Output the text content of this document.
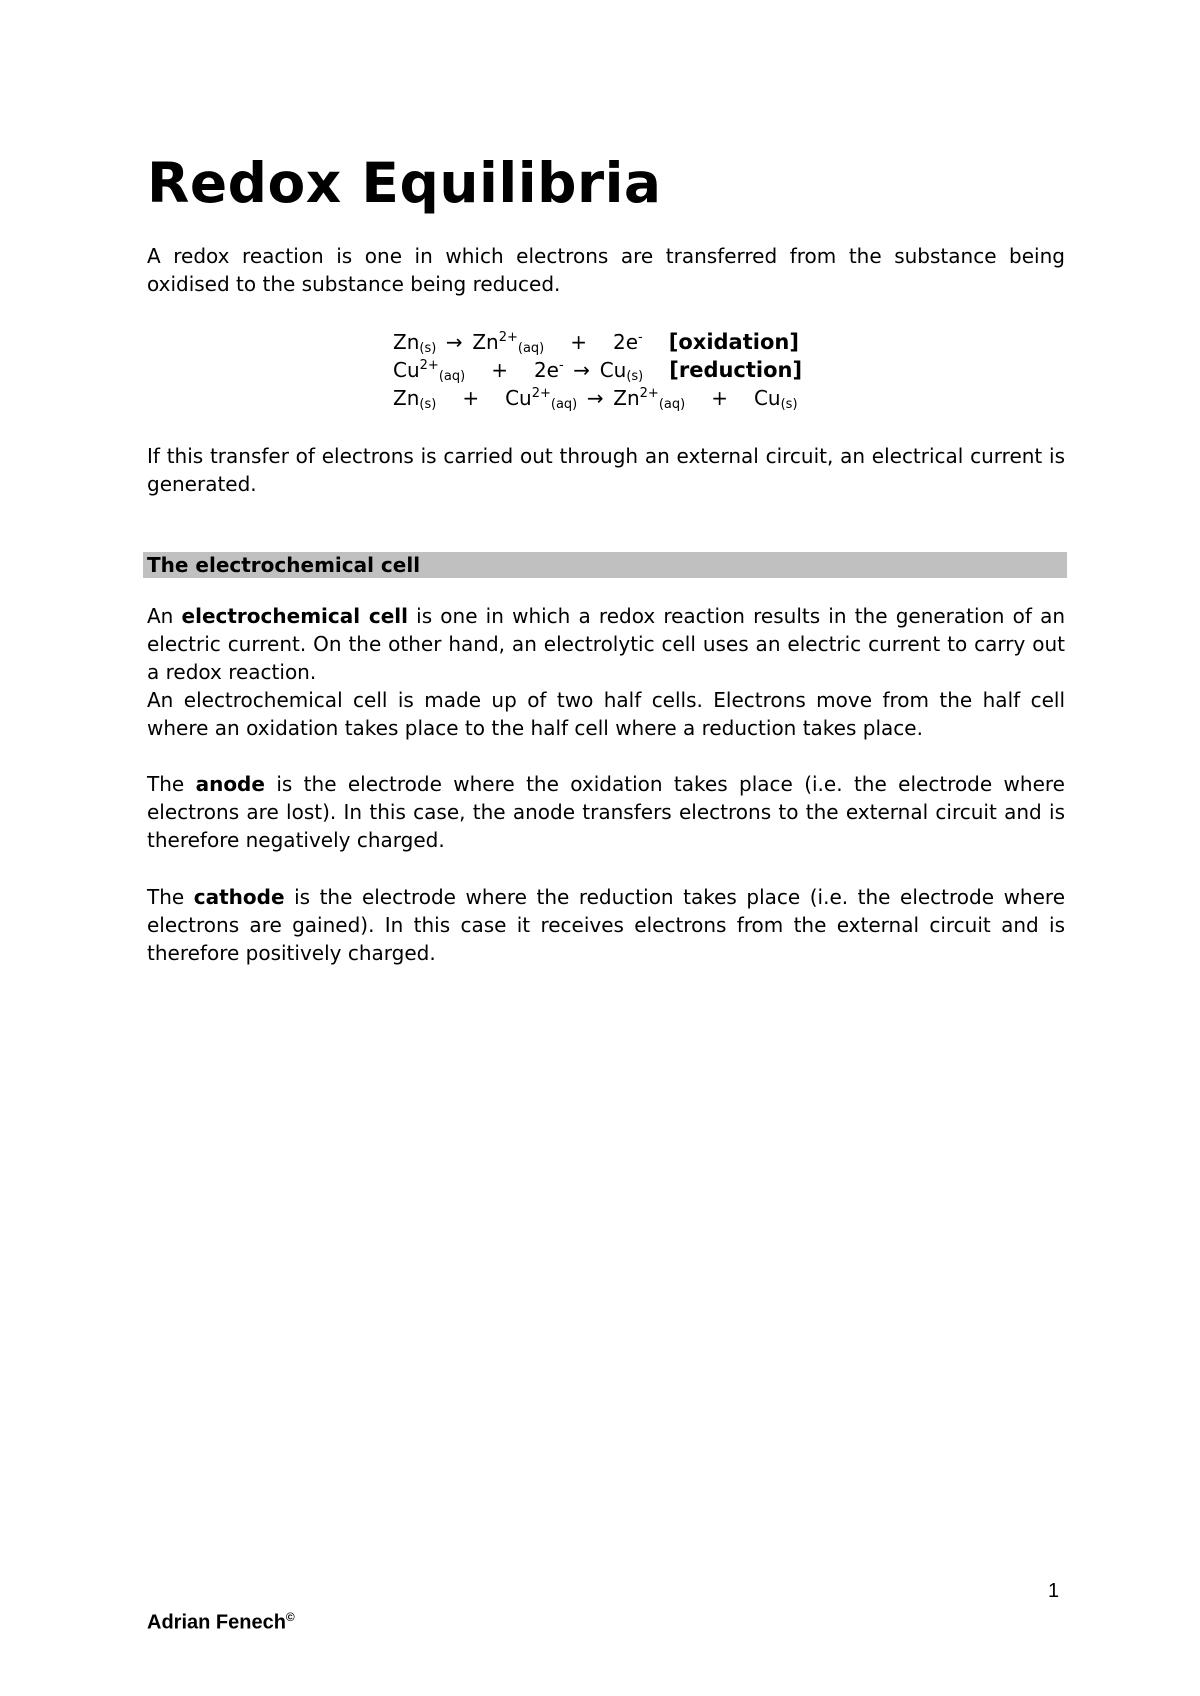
Redox Equilibria

A redox reaction is one in which electrons are transferred from the substance being oxidised to the substance being reduced.

$Zn_{(s)} \to Zn^{2+}_{(aq)} + 2e^-$ [oxidation]
$Cu^{2+}_{(aq)} + 2e^- \to Cu_{(s)}$ [reduction]
$Zn_{(s)} + Cu^{2+}_{(aq)} \to Zn^{2+}_{(aq)} + Cu_{(s)}$

If this transfer of electrons is carried out through an external circuit, an electrical current is generated.

The electrochemical cell

An electrochemical cell is one in which a redox reaction results in the generation of an electric current. On the other hand, an electrolytic cell uses an electric current to carry out a redox reaction.

An electrochemical cell is made up of two half cells. Electrons move from the half cell where an oxidation takes place to the half cell where a reduction takes place.

The anode is the electrode where the oxidation takes place (i.e. the electrode where electrons are lost). In this case, the anode transfers electrons to the external circuit and is therefore negatively charged.

The cathode is the electrode where the reduction takes place (i.e. the electrode where electrons are gained). In this case it receives electrons from the external circuit and is therefore positively charged.

1
Adrian Fenech©
